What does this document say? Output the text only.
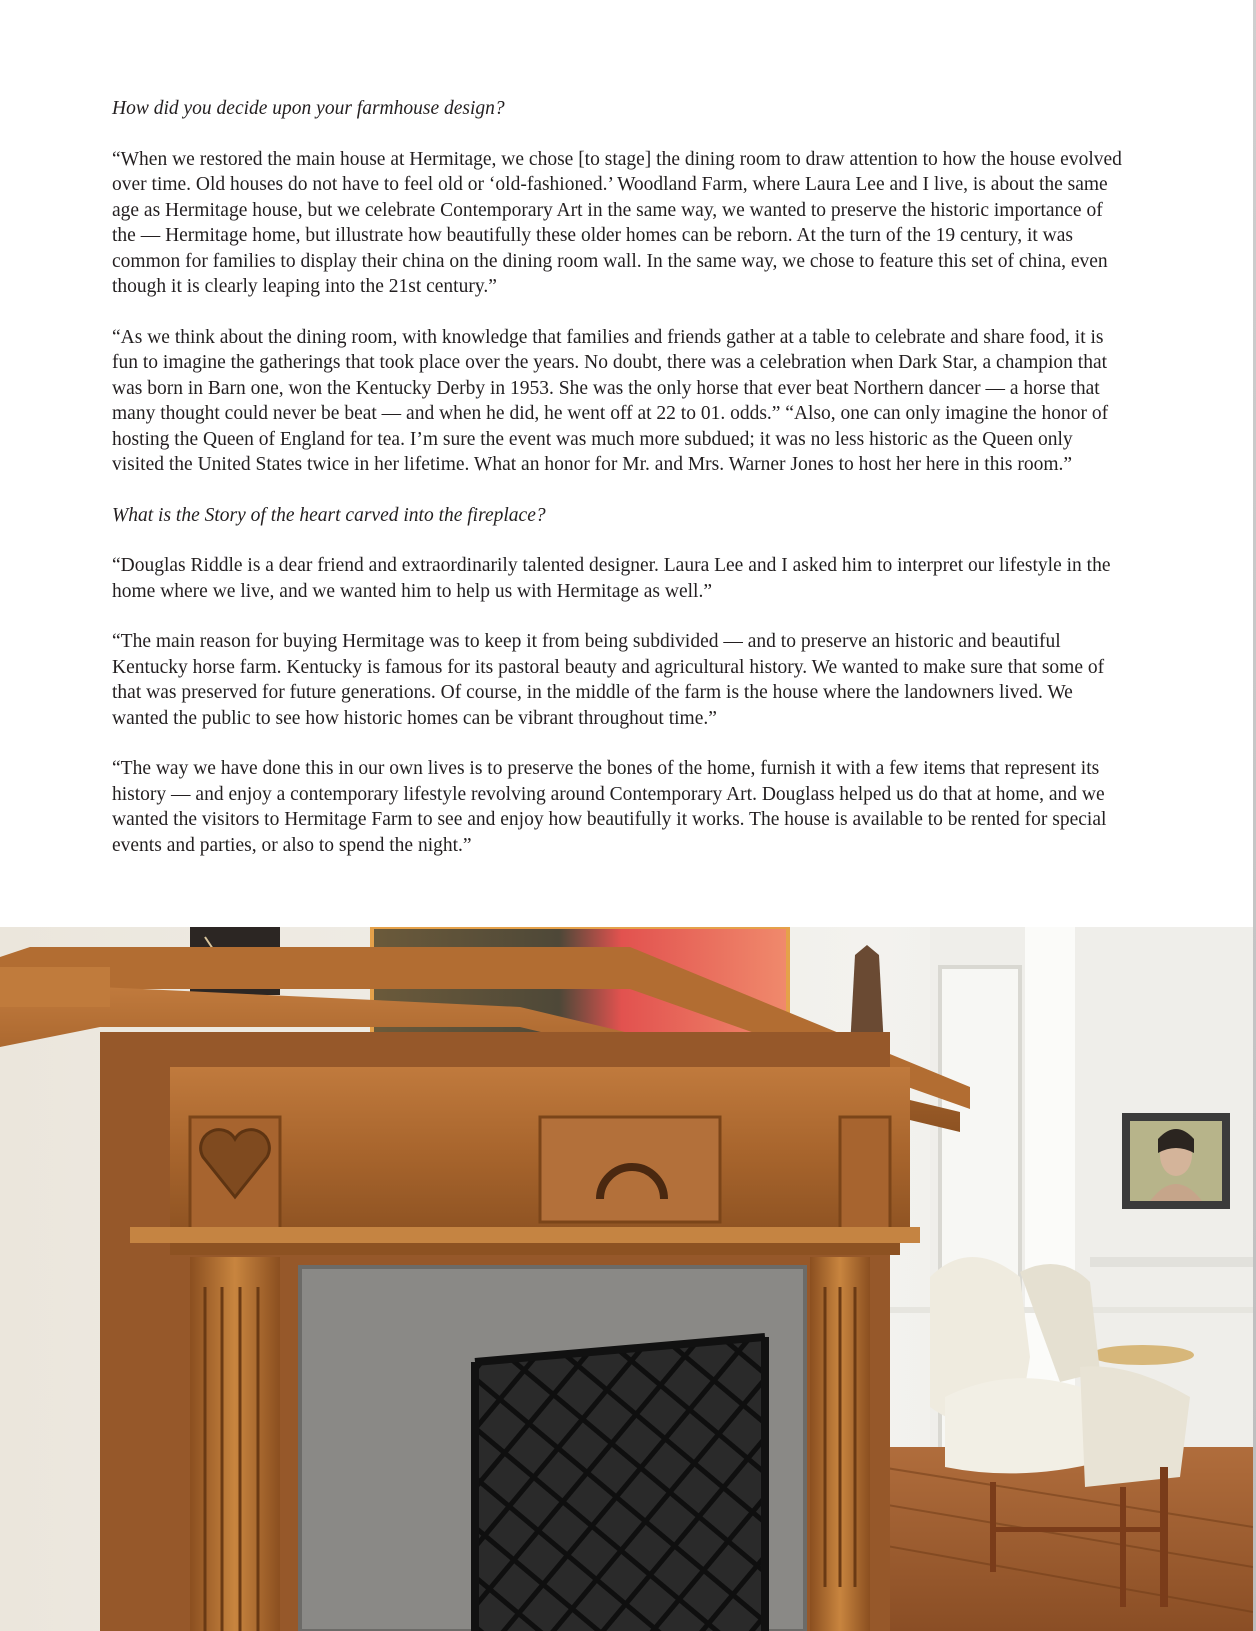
How did you decide upon your farmhouse design?

“When we restored the main house at Hermitage, we chose [to stage] the dining room to draw attention to how the house evolved over time. Old houses do not have to feel old or ‘old-fashioned.’ Woodland Farm, where Laura Lee and I live, is about the same age as Hermitage house, but we celebrate Contemporary Art in the same way, we wanted to preserve the historic importance of the — Hermitage home, but illustrate how beautifully these older homes can be reborn. At the turn of the 19 century, it was common for families to display their china on the dining room wall. In the same way, we chose to feature this set of china, even though it is clearly leaping into the 21st century.”

“As we think about the dining room, with knowledge that families and friends gather at a table to celebrate and share food, it is fun to imagine the gatherings that took place over the years. No doubt, there was a celebration when Dark Star, a champion that was born in Barn one, won the Kentucky Derby in 1953. She was the only horse that ever beat Northern dancer — a horse that many thought could never be beat — and when he did, he went off at 22 to 01. odds.” “Also, one can only imagine the honor of hosting the Queen of England for tea. I’m sure the event was much more subdued; it was no less historic as the Queen only visited the United States twice in her lifetime. What an honor for Mr. and Mrs. Warner Jones to host her here in this room.”

What is the Story of the heart carved into the fireplace?

“Douglas Riddle is a dear friend and extraordinarily talented designer. Laura Lee and I asked him to interpret our lifestyle in the home where we live, and we wanted him to help us with Hermitage as well.”

“The main reason for buying Hermitage was to keep it from being subdivided — and to preserve an historic and beautiful Kentucky horse farm. Kentucky is famous for its pastoral beauty and agricultural history. We wanted to make sure that some of that was preserved for future generations. Of course, in the middle of the farm is the house where the landowners lived. We wanted the public to see how historic homes can be vibrant throughout time.”

“The way we have done this in our own lives is to preserve the bones of the home, furnish it with a few items that represent its history — and enjoy a contemporary lifestyle revolving around Contemporary Art. Douglass helped us do that at home, and we wanted the visitors to Hermitage Farm to see and enjoy how beautifully it works. The house is available to be rented for special events and parties, or also to spend the night.”
